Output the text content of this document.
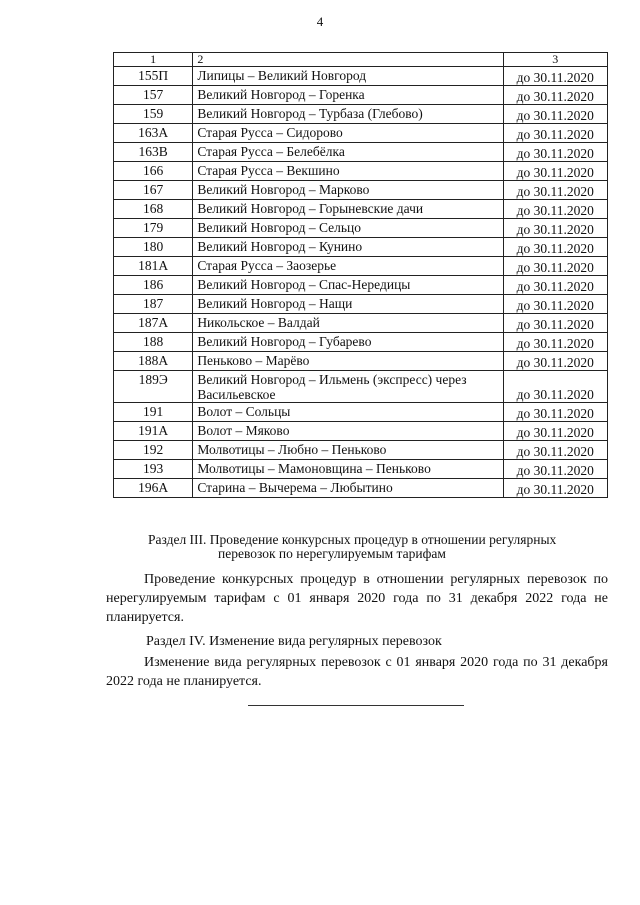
4
1	2	3
155П	Липицы – Великий Новгород	до 30.11.2020
157	Великий Новгород – Горенка	до 30.11.2020
159	Великий Новгород – Турбаза (Глебово)	до 30.11.2020
163А	Старая Русса – Сидорово	до 30.11.2020
163В	Старая Русса – Белебёлка	до 30.11.2020
166	Старая Русса – Векшино	до 30.11.2020
167	Великий Новгород – Марково	до 30.11.2020
168	Великий Новгород – Горыневские дачи	до 30.11.2020
179	Великий Новгород – Сельцо	до 30.11.2020
180	Великий Новгород – Кунино	до 30.11.2020
181А	Старая Русса – Заозерье	до 30.11.2020
186	Великий Новгород – Спас-Нередицы	до 30.11.2020
187	Великий Новгород – Нащи	до 30.11.2020
187А	Никольское – Валдай	до 30.11.2020
188	Великий Новгород – Губарево	до 30.11.2020
188А	Пеньково – Марёво	до 30.11.2020
189Э	Великий Новгород – Ильмень (экспресс) через Васильевское	до 30.11.2020
191	Волот – Сольцы	до 30.11.2020
191А	Волот – Мяково	до 30.11.2020
192	Молвотицы – Любно – Пеньково	до 30.11.2020
193	Молвотицы – Мамоновщина – Пеньково	до 30.11.2020
196А	Старина – Вычерема – Любытино	до 30.11.2020
Раздел III. Проведение конкурсных процедур в отношении регулярных
перевозок по нерегулируемым тарифам
Проведение конкурсных процедур в отношении регулярных перевозок по нерегулируемым тарифам с 01 января 2020 года по 31 декабря 2022 года не планируется.
Раздел IV. Изменение вида регулярных перевозок
Изменение вида регулярных перевозок с 01 января 2020 года по 31 декабря 2022 года не планируется.
